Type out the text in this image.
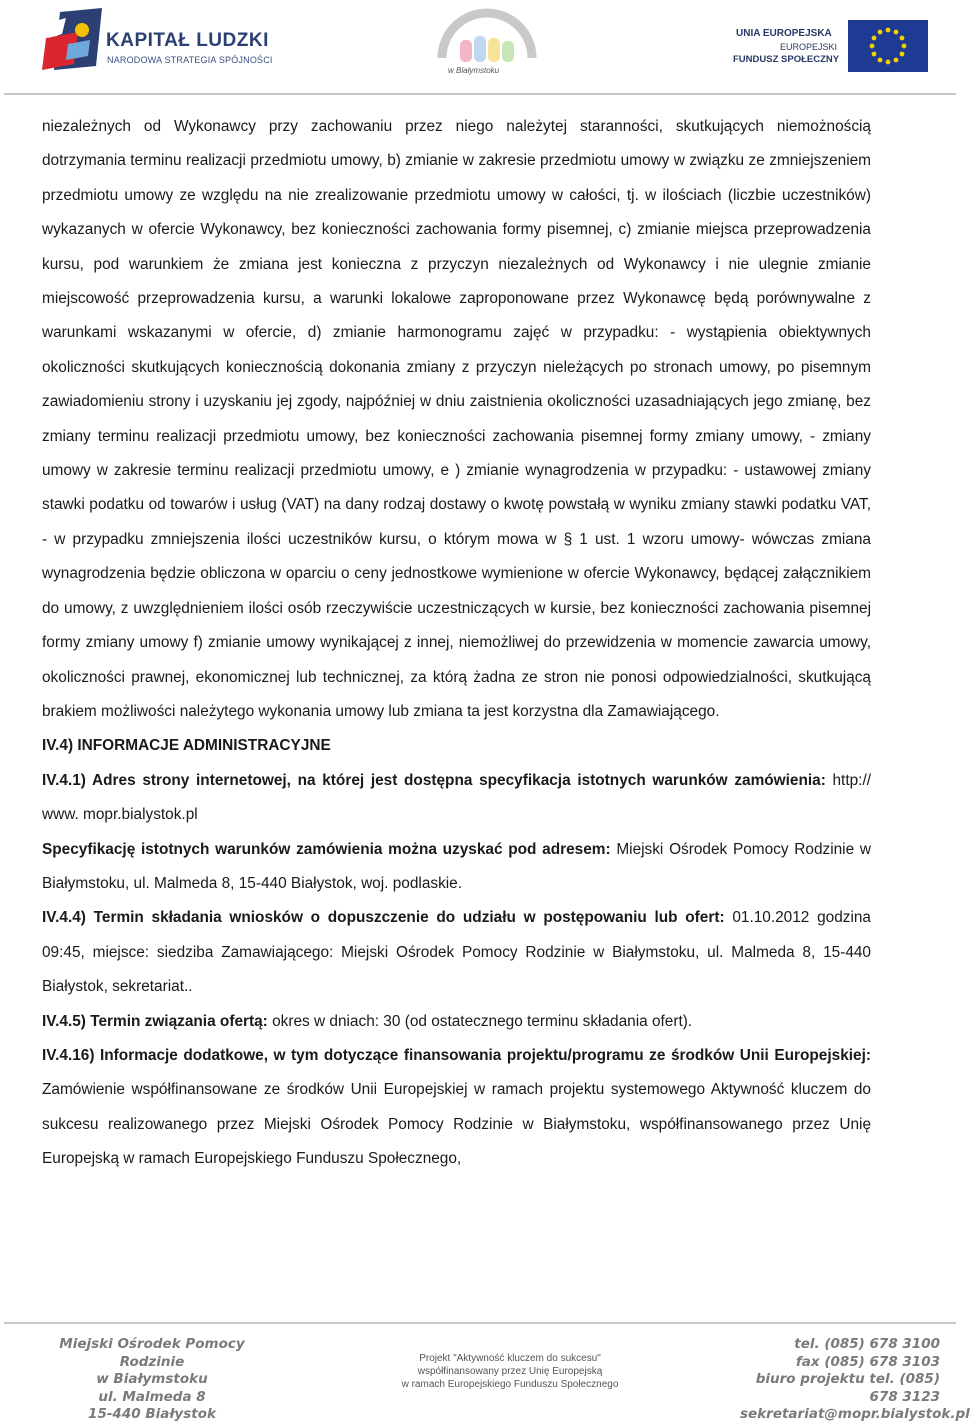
KAPITAŁ LUDZKI
NARODOWA STRATEGIA SPÓJNOŚCI
w Białymstoku
UNIA EUROPEJSKA
EUROPEJSKI
FUNDUSZ SPOŁECZNY

niezależnych od Wykonawcy przy zachowaniu przez niego należytej staranności, skutkujących niemożnością dotrzymania terminu realizacji przedmiotu umowy, b) zmianie w zakresie przedmiotu umowy w związku ze zmniejszeniem przedmiotu umowy ze względu na nie zrealizowanie przedmiotu umowy w całości, tj. w ilościach (liczbie uczestników) wykazanych w ofercie Wykonawcy, bez konieczności zachowania formy pisemnej, c) zmianie miejsca przeprowadzenia kursu, pod warunkiem że zmiana jest konieczna z przyczyn niezależnych od Wykonawcy i nie ulegnie zmianie miejscowość przeprowadzenia kursu, a warunki lokalowe zaproponowane przez Wykonawcę będą porównywalne z warunkami wskazanymi w ofercie, d) zmianie harmonogramu zajęć w przypadku: - wystąpienia obiektywnych okoliczności skutkujących koniecznością dokonania zmiany z przyczyn nieleżących po stronach umowy, po pisemnym zawiadomieniu strony i uzyskaniu jej zgody, najpóźniej w dniu zaistnienia okoliczności uzasadniających jego zmianę, bez zmiany terminu realizacji przedmiotu umowy, bez konieczności zachowania pisemnej formy zmiany umowy, - zmiany umowy w zakresie terminu realizacji przedmiotu umowy, e ) zmianie wynagrodzenia w przypadku: - ustawowej zmiany stawki podatku od towarów i usług (VAT) na dany rodzaj dostawy o kwotę powstałą w wyniku zmiany stawki podatku VAT, - w przypadku zmniejszenia ilości uczestników kursu, o którym mowa w § 1 ust. 1 wzoru umowy- wówczas zmiana wynagrodzenia będzie obliczona w oparciu o ceny jednostkowe wymienione w ofercie Wykonawcy, będącej załącznikiem do umowy, z uwzględnieniem ilości osób rzeczywiście uczestniczących w kursie, bez konieczności zachowania pisemnej formy zmiany umowy f) zmianie umowy wynikającej z innej, niemożliwej do przewidzenia w momencie zawarcia umowy, okoliczności prawnej, ekonomicznej lub technicznej, za którą żadna ze stron nie ponosi odpowiedzialności, skutkującą brakiem możliwości należytego wykonania umowy lub zmiana ta jest korzystna dla Zamawiającego.

IV.4) INFORMACJE ADMINISTRACYJNE

IV.4.1) Adres strony internetowej, na której jest dostępna specyfikacja istotnych warunków zamówienia: http:// www. mopr.bialystok.pl

Specyfikację istotnych warunków zamówienia można uzyskać pod adresem: Miejski Ośrodek Pomocy Rodzinie w Białymstoku, ul. Malmeda 8, 15-440 Białystok, woj. podlaskie.

IV.4.4) Termin składania wniosków o dopuszczenie do udziału w postępowaniu lub ofert: 01.10.2012 godzina 09:45, miejsce: siedziba Zamawiającego: Miejski Ośrodek Pomocy Rodzinie w Białymstoku, ul. Malmeda 8, 15-440 Białystok, sekretariat..

IV.4.5) Termin związania ofertą: okres w dniach: 30 (od ostatecznego terminu składania ofert).

IV.4.16) Informacje dodatkowe, w tym dotyczące finansowania projektu/programu ze środków Unii Europejskiej: Zamówienie współfinansowane ze środków Unii Europejskiej w ramach projektu systemowego Aktywność kluczem do sukcesu realizowanego przez Miejski Ośrodek Pomocy Rodzinie w Białymstoku, współfinansowanego przez Unię Europejską w ramach Europejskiego Funduszu Społecznego,

Miejski Ośrodek Pomocy Rodzinie
w Białymstoku
ul. Malmeda 8
15-440 Białystok
Projekt "Aktywność kluczem do sukcesu"
współfinansowany przez Unię Europejską
w ramach Europejskiego Funduszu Społecznego
tel. (085) 678 3100
fax (085) 678 3103
biuro projektu tel. (085) 678 3123
sekretariat@mopr.bialystok.pl
